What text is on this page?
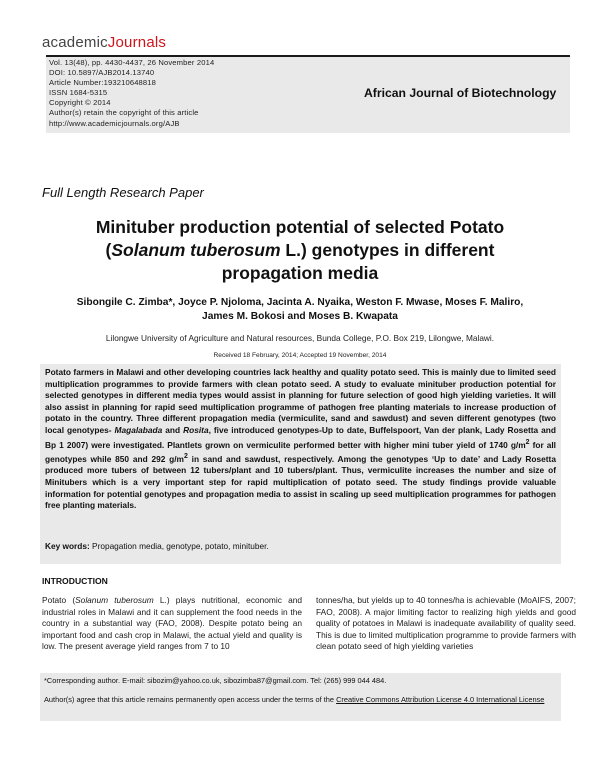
academicJournals
Vol. 13(48), pp. 4430-4437, 26 November 2014
DOI: 10.5897/AJB2014.13740
Article Number:193210648818
ISSN 1684-5315
Copyright © 2014
Author(s) retain the copyright of this article
http://www.academicjournals.org/AJB
African Journal of Biotechnology
Full Length Research Paper
Minituber production potential of selected Potato
(Solanum tuberosum L.) genotypes in different
propagation media
Sibongile C. Zimba*, Joyce P. Njoloma, Jacinta A. Nyaika, Weston F. Mwase, Moses F. Maliro,
James M. Bokosi and Moses B. Kwapata
Lilongwe University of Agriculture and Natural resources, Bunda College, P.O. Box 219, Lilongwe, Malawi.
Received 18 February, 2014; Accepted 19 November, 2014
Potato farmers in Malawi and other developing countries lack healthy and quality potato seed. This is mainly due to limited seed multiplication programmes to provide farmers with clean potato seed. A study to evaluate minituber production potential for selected genotypes in different media types would assist in planning for future selection of good high yielding varieties. It will also assist in planning for rapid seed multiplication programme of pathogen free planting materials to increase production of potato in the country. Three different propagation media (vermiculite, sand and sawdust) and seven different genotypes (two local genotypes- Magalabada and Rosita, five introduced genotypes-Up to date, Buffelspoort, Van der plank, Lady Rosetta and Bp 1 2007) were investigated. Plantlets grown on vermiculite performed better with higher mini tuber yield of 1740 $g/m^2$ for all genotypes while 850 and 292 $g/m^2$ in sand and sawdust, respectively. Among the genotypes ‘Up to date’ and Lady Rosetta produced more tubers of between 12 tubers/plant and 10 tubers/plant. Thus, vermiculite increases the number and size of Minitubers which is a very important step for rapid multiplication of potato seed. The study findings provide valuable information for potential genotypes and propagation media to assist in scaling up seed multiplication programmes for pathogen free planting materials.
Key words: Propagation media, genotype, potato, minituber.
INTRODUCTION
Potato (Solanum tuberosum L.) plays nutritional, economic and industrial roles in Malawi and it can supplement the food needs in the country in a substantial way (FAO, 2008). Despite potato being an important food and cash crop in Malawi, the actual yield and quality is low. The present average yield ranges from 7 to 10
tonnes/ha, but yields up to 40 tonnes/ha is achievable (MoAIFS, 2007; FAO, 2008). A major limiting factor to realizing high yields and good quality of potatoes in Malawi is inadequate availability of quality seed. This is due to limited multiplication programme to provide farmers with clean potato seed of high yielding varieties
*Corresponding author. E-mail: sibozim@yahoo.co.uk, sibozimba87@gmail.com. Tel: (265) 999 044 484.
Author(s) agree that this article remains permanently open access under the terms of the Creative Commons Attribution License 4.0 International License
